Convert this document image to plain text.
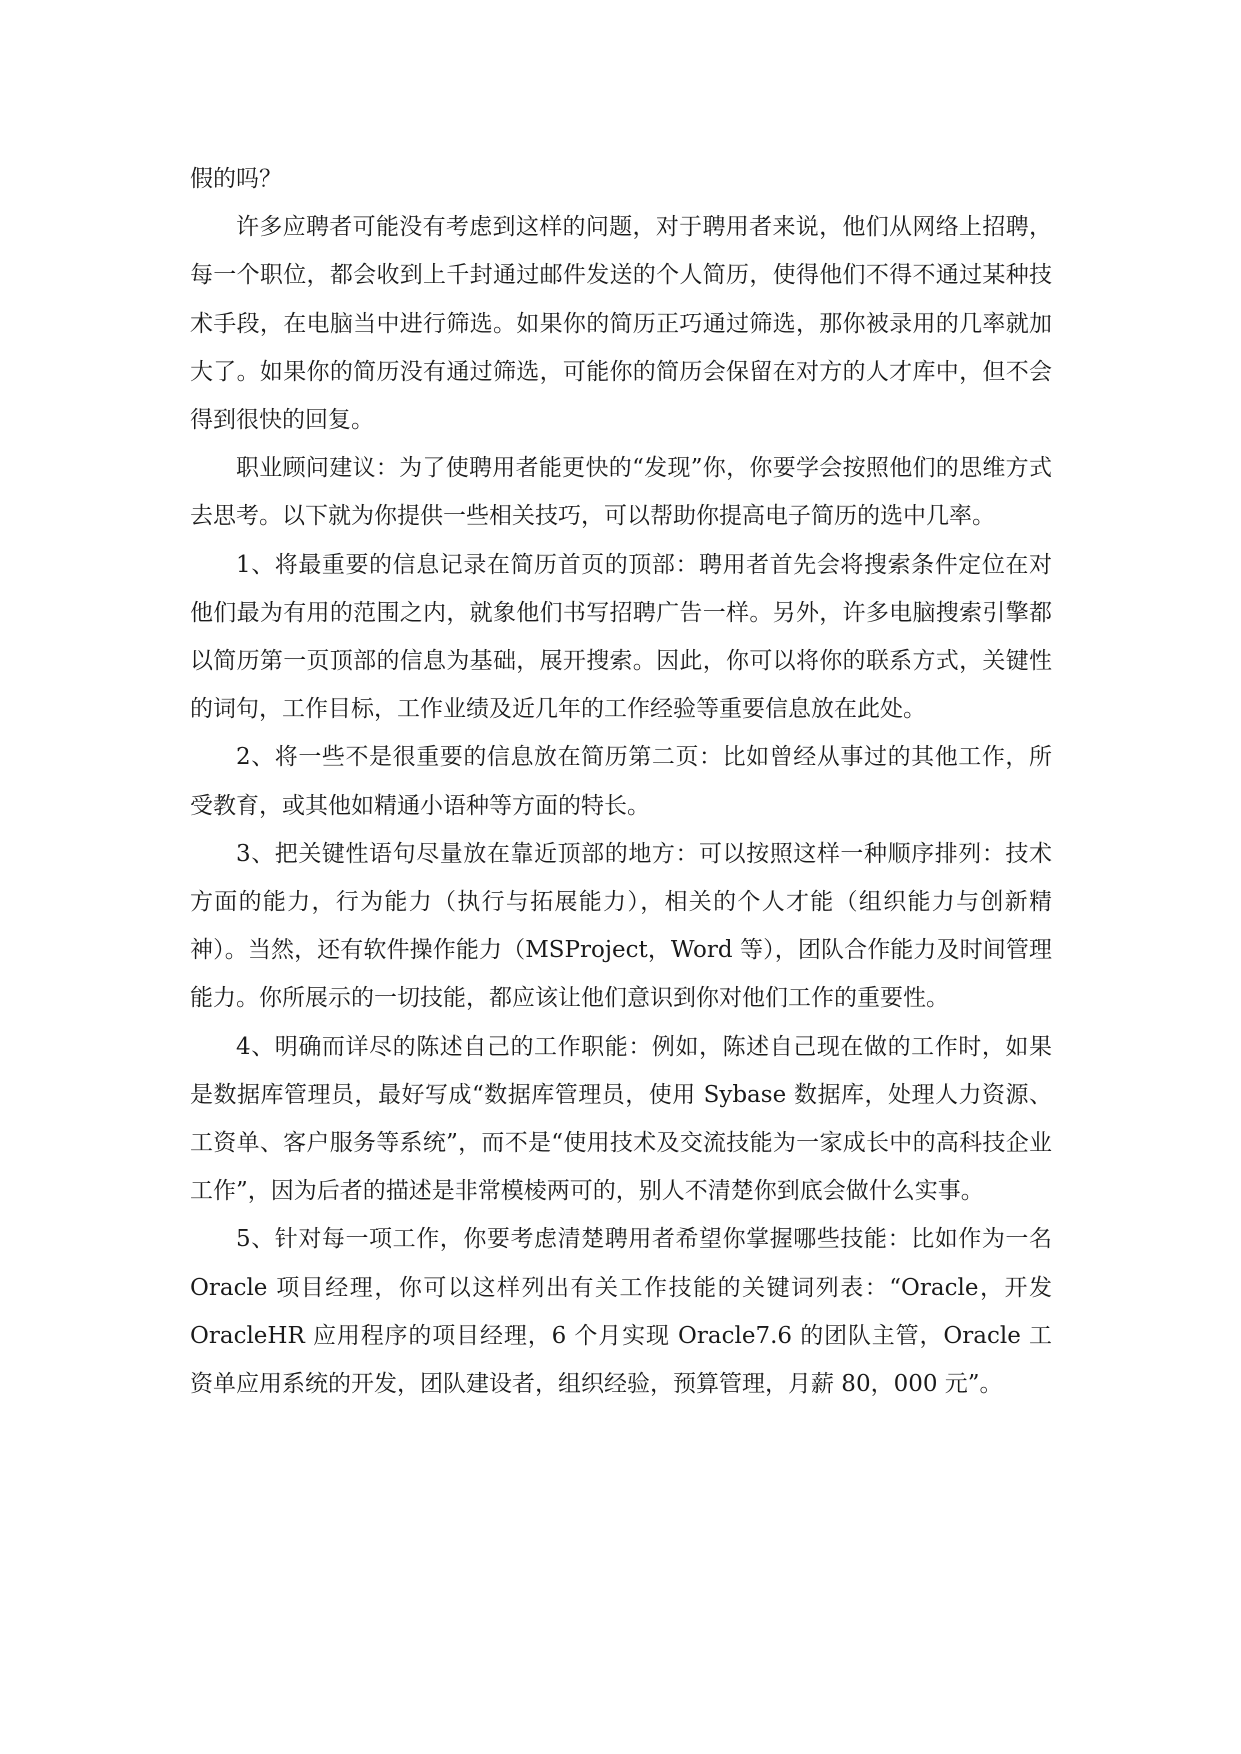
假的吗？

许多应聘者可能没有考虑到这样的问题，对于聘用者来说，他们从网络上招聘，每一个职位，都会收到上千封通过邮件发送的个人简历，使得他们不得不通过某种技术手段，在电脑当中进行筛选。如果你的简历正巧通过筛选，那你被录用的几率就加大了。如果你的简历没有通过筛选，可能你的简历会保留在对方的人才库中，但不会得到很快的回复。

职业顾问建议：为了使聘用者能更快的“发现”你，你要学会按照他们的思维方式去思考。以下就为你提供一些相关技巧，可以帮助你提高电子简历的选中几率。

1、将最重要的信息记录在简历首页的顶部：聘用者首先会将搜索条件定位在对他们最为有用的范围之内，就象他们书写招聘广告一样。另外，许多电脑搜索引擎都以简历第一页顶部的信息为基础，展开搜索。因此，你可以将你的联系方式，关键性的词句，工作目标，工作业绩及近几年的工作经验等重要信息放在此处。

2、将一些不是很重要的信息放在简历第二页：比如曾经从事过的其他工作，所受教育，或其他如精通小语种等方面的特长。

3、把关键性语句尽量放在靠近顶部的地方：可以按照这样一种顺序排列：技术方面的能力，行为能力（执行与拓展能力），相关的个人才能（组织能力与创新精神）。当然，还有软件操作能力（MSProject，Word 等），团队合作能力及时间管理能力。你所展示的一切技能，都应该让他们意识到你对他们工作的重要性。

4、明确而详尽的陈述自己的工作职能：例如，陈述自己现在做的工作时，如果是数据库管理员，最好写成“数据库管理员，使用 Sybase 数据库，处理人力资源、工资单、客户服务等系统”，而不是“使用技术及交流技能为一家成长中的高科技企业工作”，因为后者的描述是非常模棱两可的，别人不清楚你到底会做什么实事。

5、针对每一项工作，你要考虑清楚聘用者希望你掌握哪些技能：比如作为一名 Oracle 项目经理，你可以这样列出有关工作技能的关键词列表：“Oracle，开发 OracleHR 应用程序的项目经理，6 个月实现 Oracle7.6 的团队主管，Oracle 工资单应用系统的开发，团队建设者，组织经验，预算管理，月薪 80，000 元”。
